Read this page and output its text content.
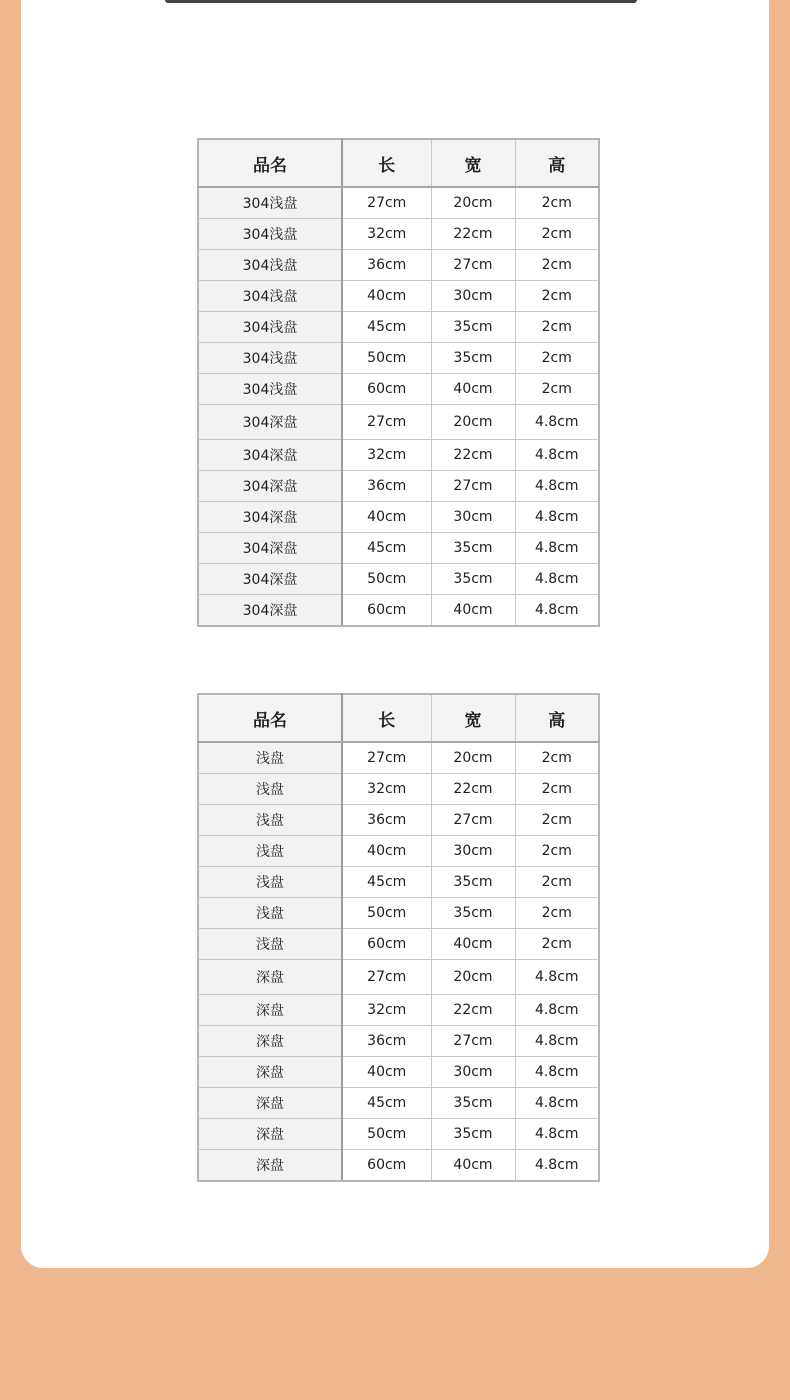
品名	长	宽	高
304浅盘	27cm	20cm	2cm
304浅盘	32cm	22cm	2cm
304浅盘	36cm	27cm	2cm
304浅盘	40cm	30cm	2cm
304浅盘	45cm	35cm	2cm
304浅盘	50cm	35cm	2cm
304浅盘	60cm	40cm	2cm
304深盘	27cm	20cm	4.8cm
304深盘	32cm	22cm	4.8cm
304深盘	36cm	27cm	4.8cm
304深盘	40cm	30cm	4.8cm
304深盘	45cm	35cm	4.8cm
304深盘	50cm	35cm	4.8cm
304深盘	60cm	40cm	4.8cm
品名	长	宽	高
浅盘	27cm	20cm	2cm
浅盘	32cm	22cm	2cm
浅盘	36cm	27cm	2cm
浅盘	40cm	30cm	2cm
浅盘	45cm	35cm	2cm
浅盘	50cm	35cm	2cm
浅盘	60cm	40cm	2cm
深盘	27cm	20cm	4.8cm
深盘	32cm	22cm	4.8cm
深盘	36cm	27cm	4.8cm
深盘	40cm	30cm	4.8cm
深盘	45cm	35cm	4.8cm
深盘	50cm	35cm	4.8cm
深盘	60cm	40cm	4.8cm
